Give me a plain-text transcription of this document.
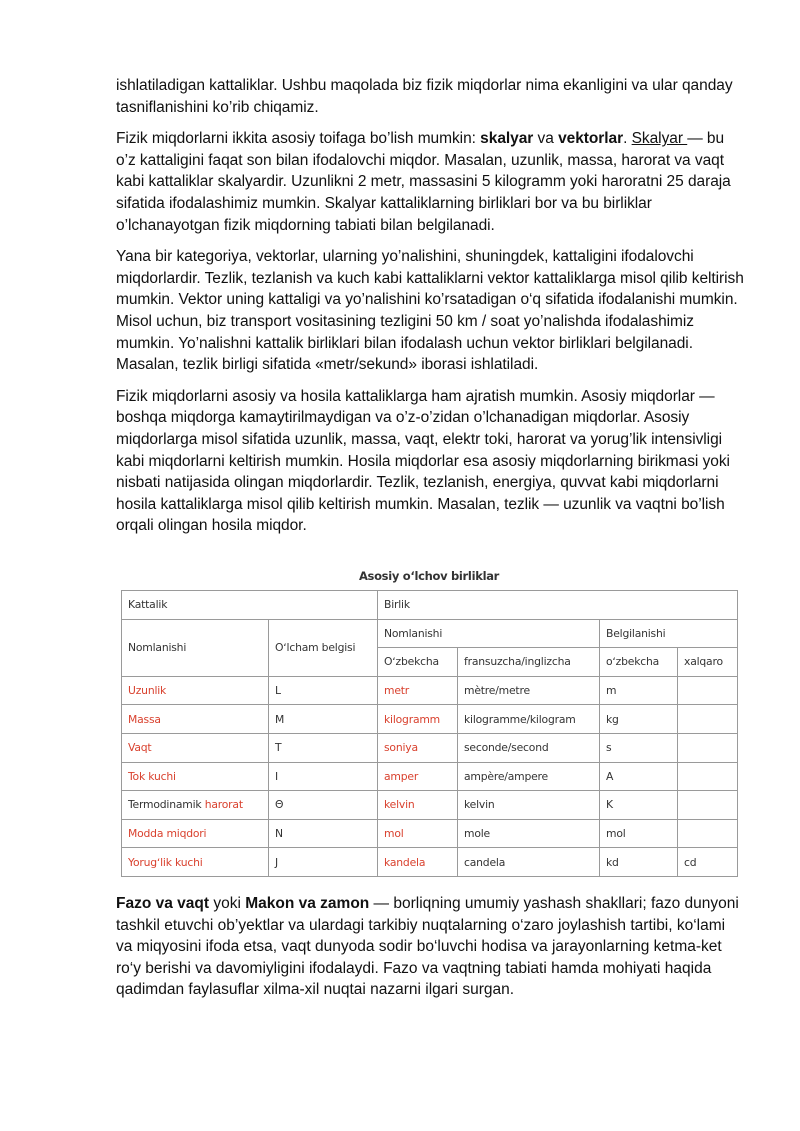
ishlatiladigan kattaliklar. Ushbu maqolada biz fizik miqdorlar nima ekanligini va ular qanday tasniflanishini ko’rib chiqamiz.

Fizik miqdorlarni ikkita asosiy toifaga bo’lish mumkin: skalyar va vektorlar. Skalyar — bu o’z kattaligini faqat son bilan ifodalovchi miqdor. Masalan, uzunlik, massa, harorat va vaqt kabi kattaliklar skalyardir. Uzunlikni 2 metr, massasini 5 kilogramm yoki haroratni 25 daraja sifatida ifodalashimiz mumkin. Skalyar kattaliklarning birliklari bor va bu birliklar o’lchanayotgan fizik miqdorning tabiati bilan belgilanadi.

Yana bir kategoriya, vektorlar, ularning yo’nalishini, shuningdek, kattaligini ifodalovchi miqdorlardir. Tezlik, tezlanish va kuch kabi kattaliklarni vektor kattaliklarga misol qilib keltirish mumkin. Vektor uning kattaligi va yo’nalishini ko’rsatadigan o‘q sifatida ifodalanishi mumkin. Misol uchun, biz transport vositasining tezligini 50 km / soat yo’nalishda ifodalashimiz mumkin. Yo’nalishni kattalik birliklari bilan ifodalash uchun vektor birliklari belgilanadi. Masalan, tezlik birligi sifatida «metr/sekund» iborasi ishlatiladi.

Fizik miqdorlarni asosiy va hosila kattaliklarga ham ajratish mumkin. Asosiy miqdorlar — boshqa miqdorga kamaytirilmaydigan va o’z-o’zidan o’lchanadigan miqdorlar. Asosiy miqdorlarga misol sifatida uzunlik, massa, vaqt, elektr toki, harorat va yorug’lik intensivligi kabi miqdorlarni keltirish mumkin. Hosila miqdorlar esa asosiy miqdorlarning birikmasi yoki nisbati natijasida olingan miqdorlardir. Tezlik, tezlanish, energiya, quvvat kabi miqdorlarni hosila kattaliklarga misol qilib keltirish mumkin. Masalan, tezlik — uzunlik va vaqtni bo’lish orqali olingan hosila miqdor.

Asosiy oʻlchov birliklar
Kattalik		Birlik			
Nomlanishi	Oʻlcham belgisi	Nomlanishi		Belgilanishi	
		Oʻzbekcha	fransuzcha/inglizcha	oʻzbekcha	xalqaro
Uzunlik	L	metr	mètre/metre	m	
Massa	M	kilogramm	kilogramme/kilogram	kg	
Vaqt	T	soniya	seconde/second	s	
Tok kuchi	I	amper	ampère/ampere	A	
Termodinamik harorat	Θ	kelvin	kelvin	K	
Modda miqdori	N	mol	mole	mol	
Yorugʻlik kuchi	J	kandela	candela	kd	cd

Fazo va vaqt yoki Makon va zamon — borliqning umumiy yashash shakllari; fazo dunyoni tashkil etuvchi ob’yektlar va ulardagi tarkibiy nuqtalarning o‘zaro joylashish tartibi, ko‘lami va miqyosini ifoda etsa, vaqt dunyoda sodir bo‘luvchi hodisa va jarayonlarning ketma-ket ro‘y berishi va davomiyligini ifodalaydi. Fazo va vaqtning tabiati hamda mohiyati haqida qadimdan faylasuflar xilma-xil nuqtai nazarni ilgari surgan.
